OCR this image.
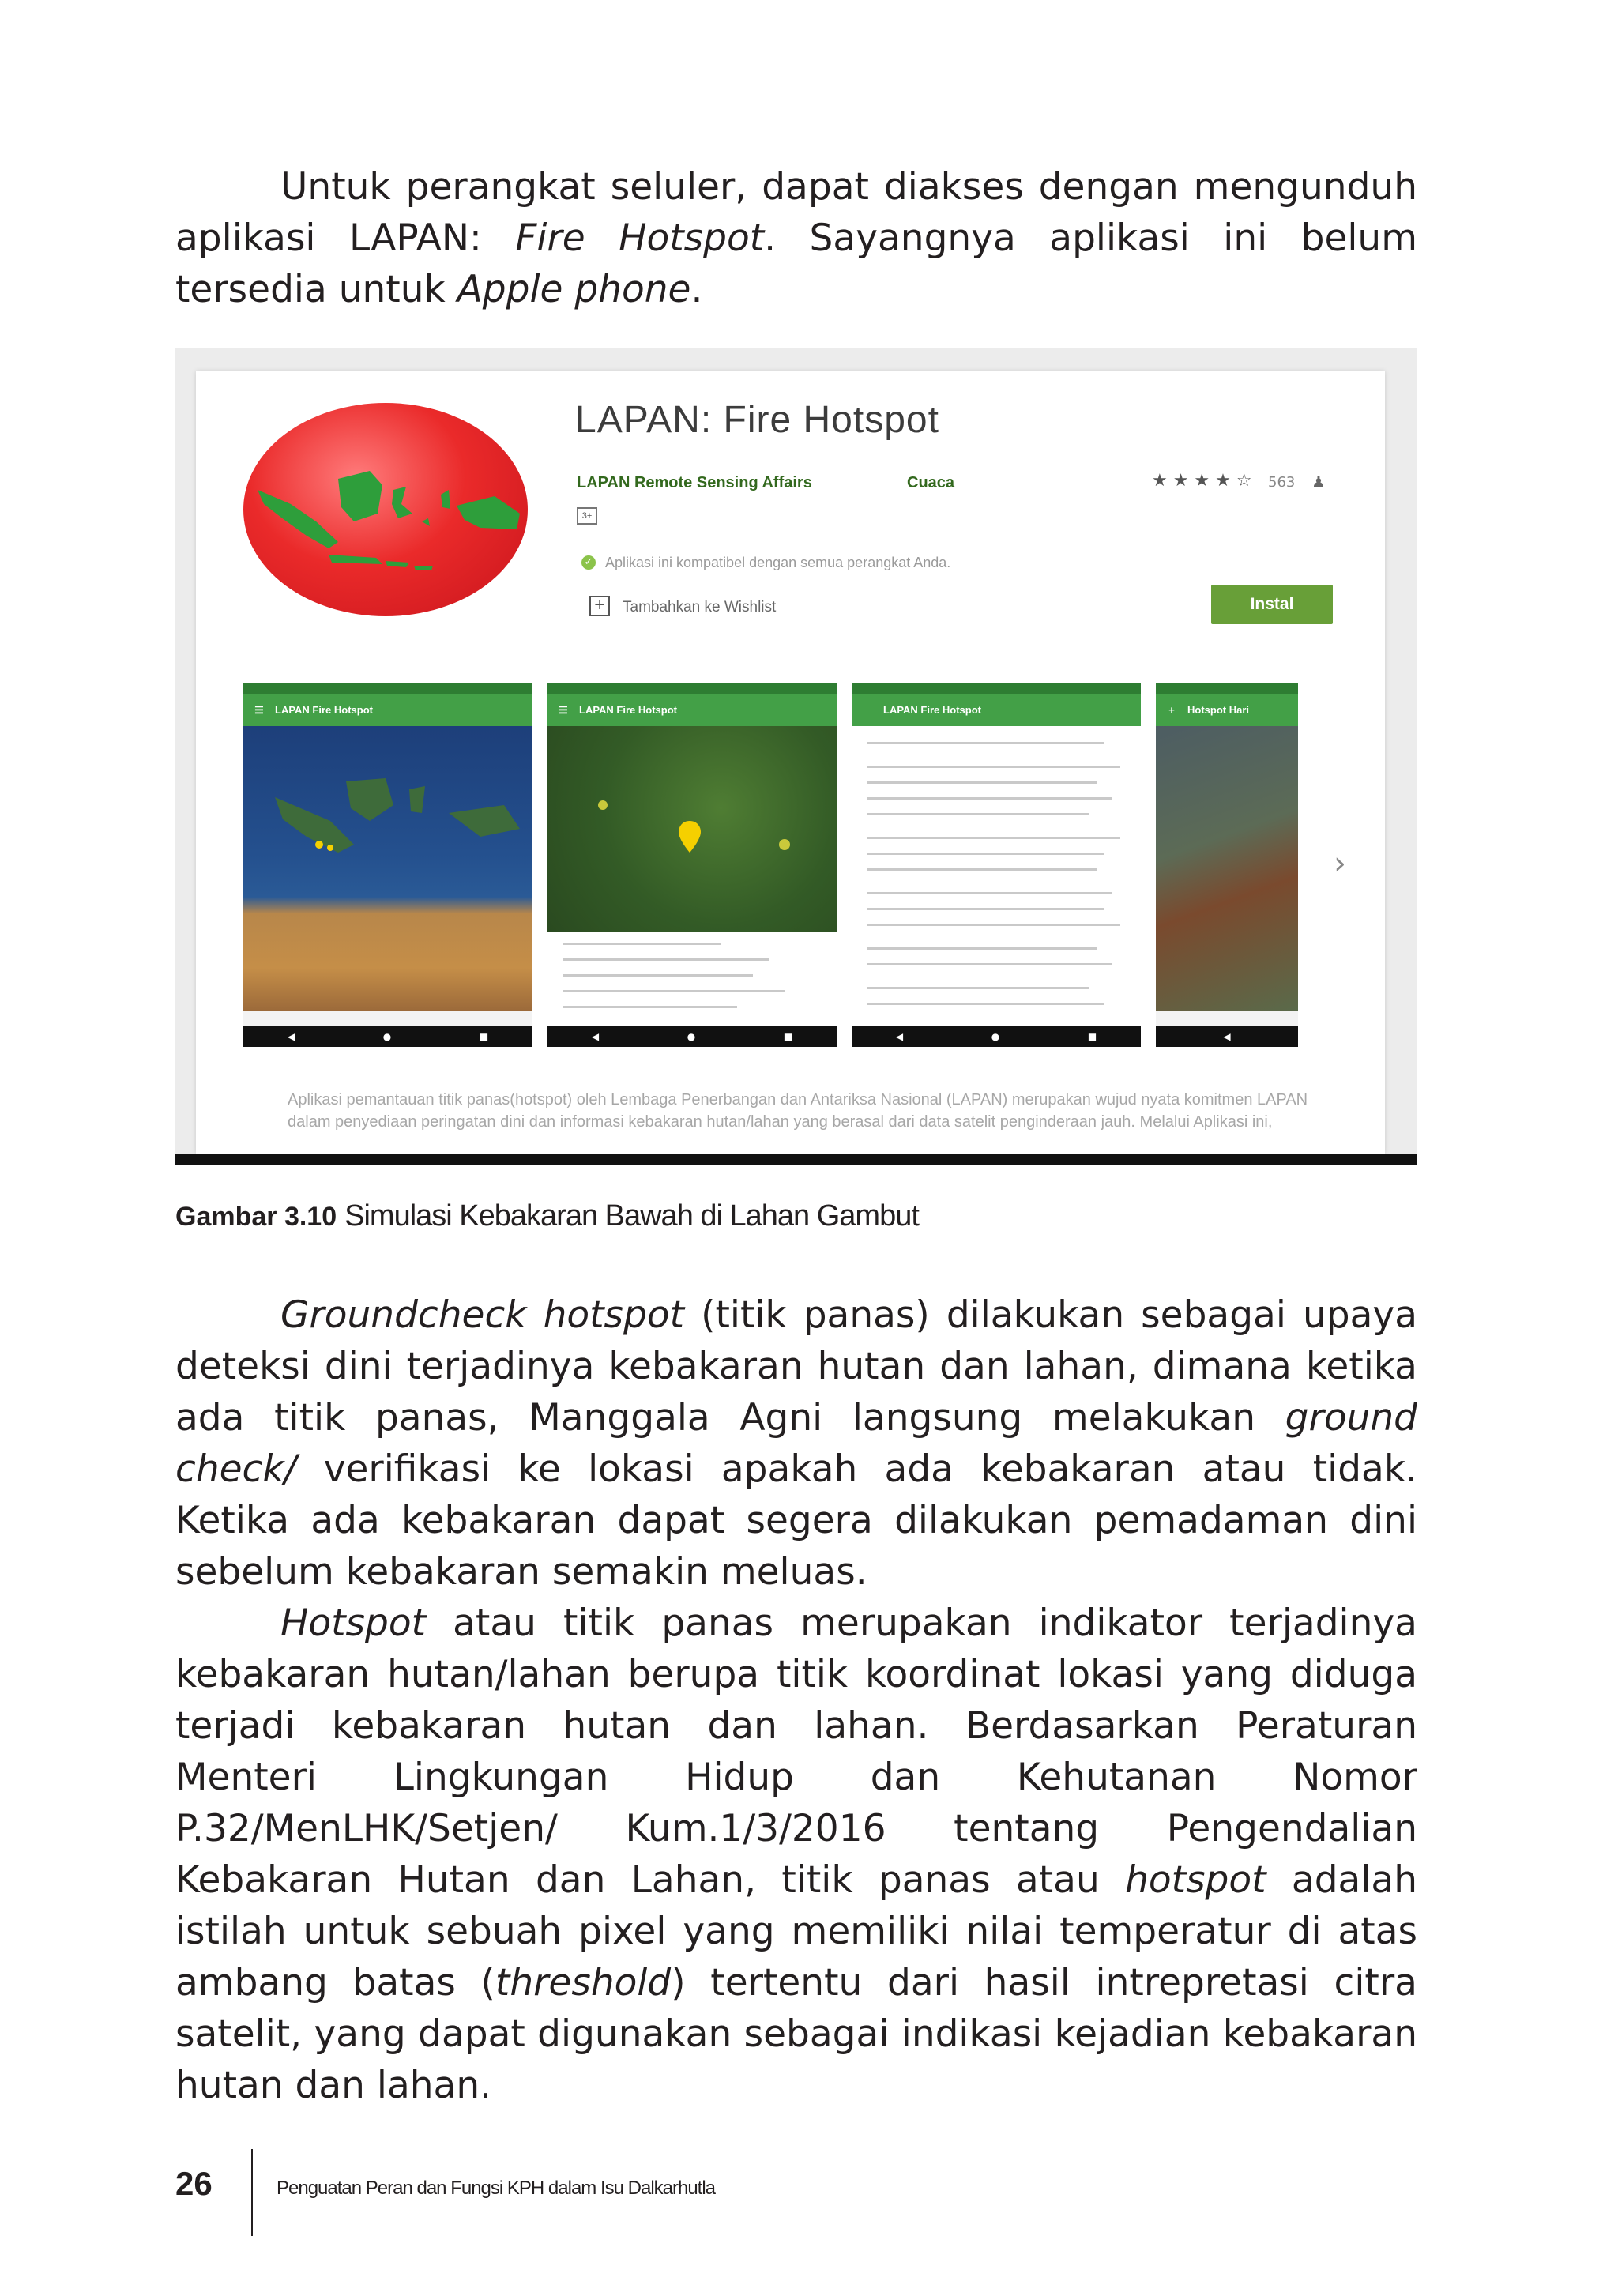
Untuk perangkat seluler, dapat diakses dengan mengunduh aplikasi LAPAN: Fire Hotspot. Sayangnya aplikasi ini belum tersedia untuk Apple phone.

LAPAN: Fire Hotspot
LAPAN Remote Sensing Affairs	Cuaca	★ ★ ★ ★ ☆ 563 ♟
3+
✓ Aplikasi ini kompatibel dengan semua perangkat Anda.
+ Tambahkan ke Wishlist	Instal
☰ LAPAN Fire Hotspot
◀	●	■
☰ LAPAN Fire Hotspot
◀	●	■
LAPAN Fire Hotspot
◀	●	■
+ Hotspot Hari
◀
›
Aplikasi pemantauan titik panas(hotspot) oleh Lembaga Penerbangan dan Antariksa Nasional (LAPAN) merupakan wujud nyata komitmen LAPAN dalam penyediaan peringatan dini dan informasi kebakaran hutan/lahan yang berasal dari data satelit penginderaan jauh. Melalui Aplikasi ini,
Gambar 3.10 Simulasi Kebakaran Bawah di Lahan Gambut

Groundcheck hotspot (titik panas) dilakukan sebagai upaya deteksi dini terjadinya kebakaran hutan dan lahan, dimana ketika ada titik panas, Manggala Agni langsung melakukan ground check/ verifikasi ke lokasi apakah ada kebakaran atau tidak. Ketika ada kebakaran dapat segera dilakukan pemadaman dini sebelum kebakaran semakin meluas.

Hotspot atau titik panas merupakan indikator terjadinya kebakaran hutan/lahan berupa titik koordinat lokasi yang diduga terjadi kebakaran hutan dan lahan. Berdasarkan Peraturan Menteri Lingkungan Hidup dan Kehutanan Nomor P.32/MenLHK/Setjen/ Kum.1/3/2016 tentang Pengendalian Kebakaran Hutan dan Lahan, titik panas atau hotspot adalah istilah untuk sebuah pixel yang memiliki nilai temperatur di atas ambang batas (threshold) tertentu dari hasil intrepretasi citra satelit, yang dapat digunakan sebagai indikasi kejadian kebakaran hutan dan lahan.

26	Penguatan Peran dan Fungsi KPH dalam Isu Dalkarhutla
